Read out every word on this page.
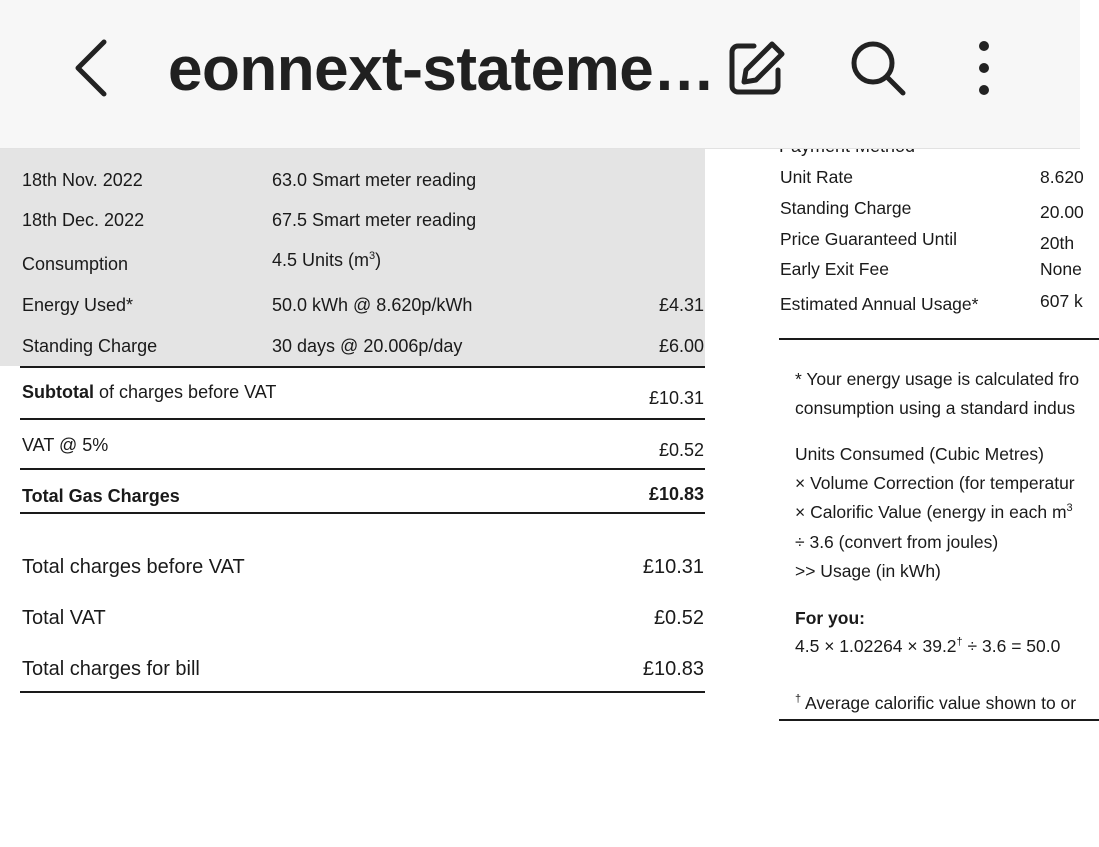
eonnext-stateme…
18th Nov. 2022	63.0 Smart meter reading
18th Dec. 2022	67.5 Smart meter reading
Consumption	4.5 Units $(m^3)$
Energy Used*	50.0 kWh @ 8.620p/kWh	£4.31
Standing Charge	30 days @ 20.006p/day	£6.00
Subtotal of charges before VAT	£10.31
VAT @ 5%	£0.52
Total Gas Charges	£10.83
Total charges before VAT	£10.31
Total VAT	£0.52
Total charges for bill	£10.83
Unit Rate	8.620
Standing Charge	20.00
Price Guaranteed Until	20th
Early Exit Fee	None
Estimated Annual Usage*	607 k
* Your energy usage is calculated fro
consumption using a standard indus
Units Consumed (Cubic Metres)
× Volume Correction (for temperatur
× Calorific Value (energy in each $m^3$
÷ 3.6 (convert from joules)
>> Usage (in kWh)
For you:
4.5 × 1.02264 × 39.2† ÷ 3.6 = 50.0
† Average calorific value shown to or
